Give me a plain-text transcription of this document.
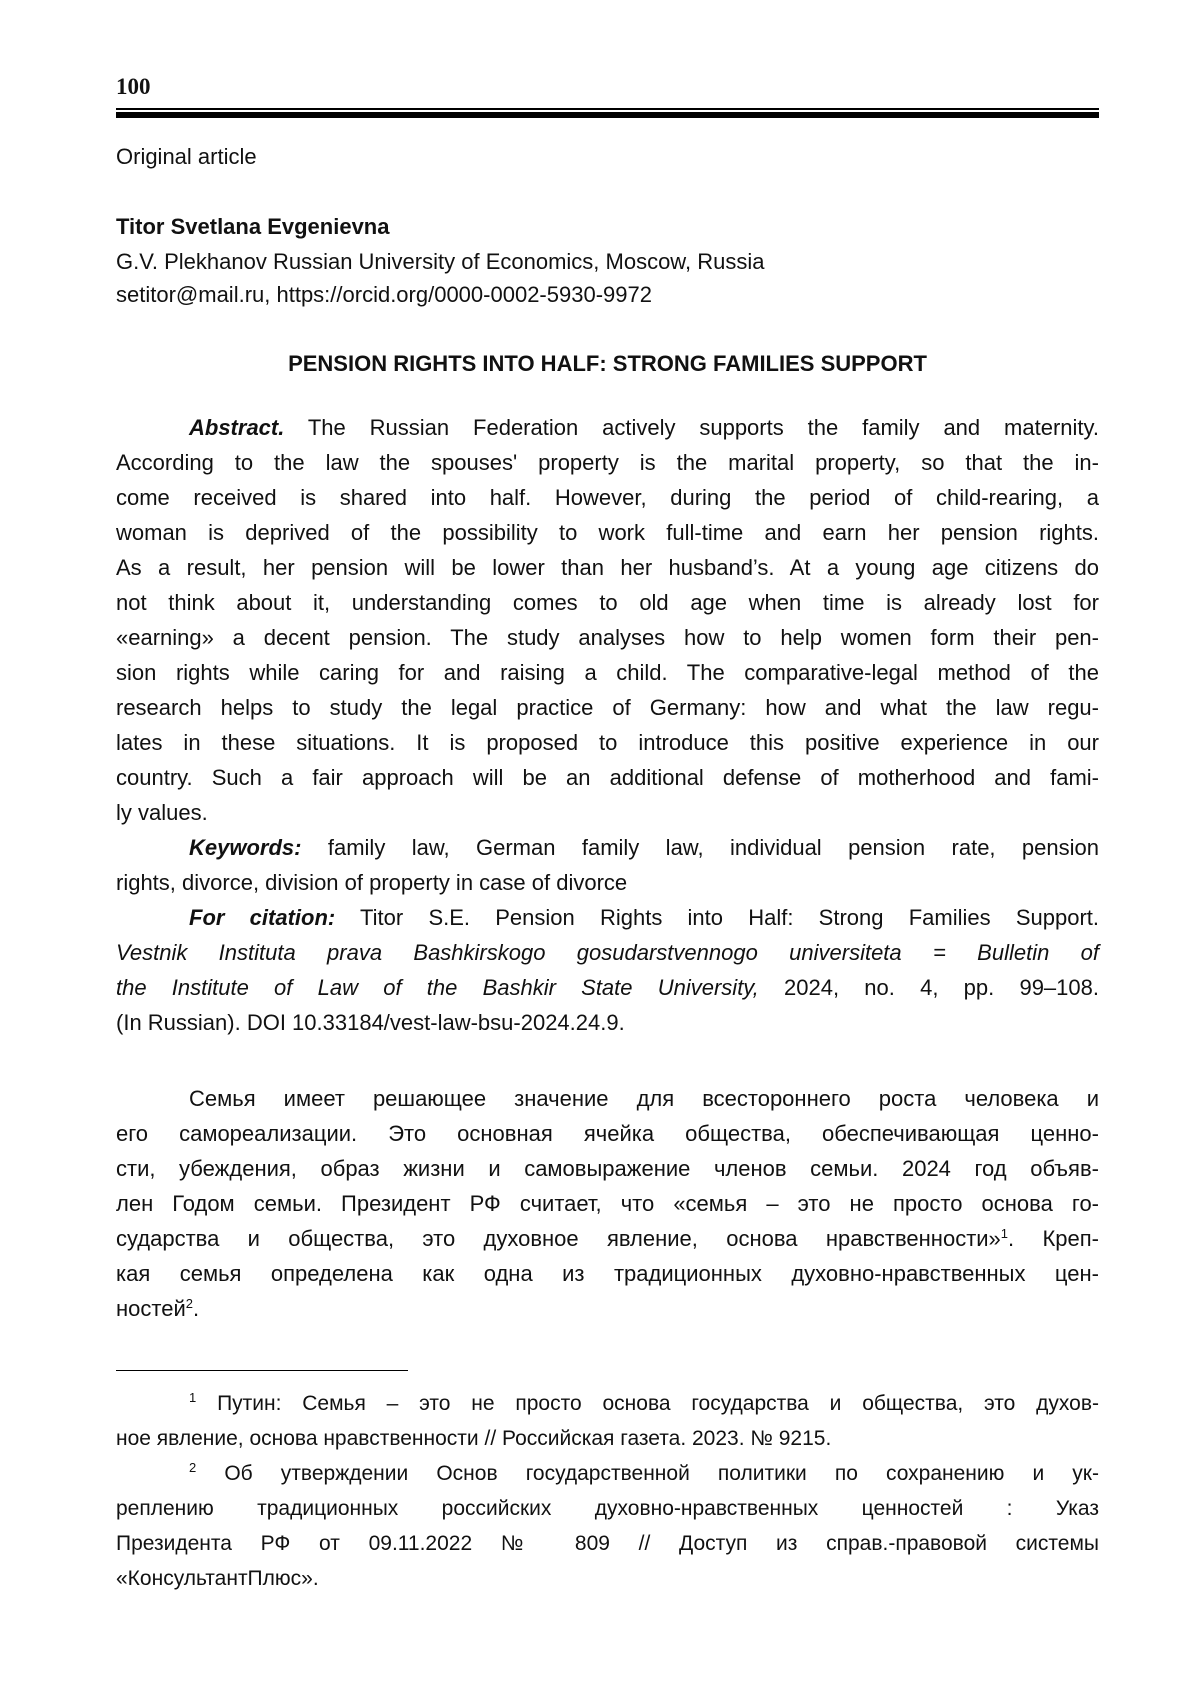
100
Original article
Titor Svetlana Evgenievna
G.V. Plekhanov Russian University of Economics, Moscow, Russia
setitor@mail.ru, https://orcid.org/0000-0002-5930-9972
PENSION RIGHTS INTO HALF: STRONG FAMILIES SUPPORT
Abstract. The Russian Federation actively supports the family and maternity.
According to the law the spouses' property is the marital property, so that the in-
come received is shared into half. However, during the period of child-rearing, a
woman is deprived of the possibility to work full-time and earn her pension rights.
As a result, her pension will be lower than her husband’s. At a young age citizens do
not think about it, understanding comes to old age when time is already lost for
«earning» a decent pension. The study analyses how to help women form their pen-
sion rights while caring for and raising a child. The comparative-legal method of the
research helps to study the legal practice of Germany: how and what the law regu-
lates in these situations. It is proposed to introduce this positive experience in our
country. Such a fair approach will be an additional defense of motherhood and fami-
ly values.
Keywords: family law, German family law, individual pension rate, pension
rights, divorce, division of property in case of divorce
For citation: Titor S.E. Pension Rights into Half: Strong Families Support.
Vestnik Instituta prava Bashkirskogo gosudarstvennogo universiteta = Bulletin of
the Institute of Law of the Bashkir State University, 2024, no. 4, pp. 99–108.
(In Russian). DOI 10.33184/vest-law-bsu-2024.24.9.
Семья имеет решающее значение для всестороннего роста человека и
его самореализации. Это основная ячейка общества, обеспечивающая ценно-
сти, убеждения, образ жизни и самовыражение членов семьи. 2024 год объяв-
лен Годом семьи. Президент РФ считает, что «семья – это не просто основа го-
сударства и общества, это духовное явление, основа нравственности»$^1$. Креп-
кая семья определена как одна из традиционных духовно-нравственных цен-
ностей$^2$.
$^1$ Путин: Семья – это не просто основа государства и общества, это духов-
ное явление, основа нравственности // Российская газета. 2023. № 9215.
$^2$ Об утверждении Основ государственной политики по сохранению и ук-
реплению традиционных российских духовно-нравственных ценностей : Указ
Президента РФ от 09.11.2022 № 809 // Доступ из справ.-правовой системы
«КонсультантПлюс».
